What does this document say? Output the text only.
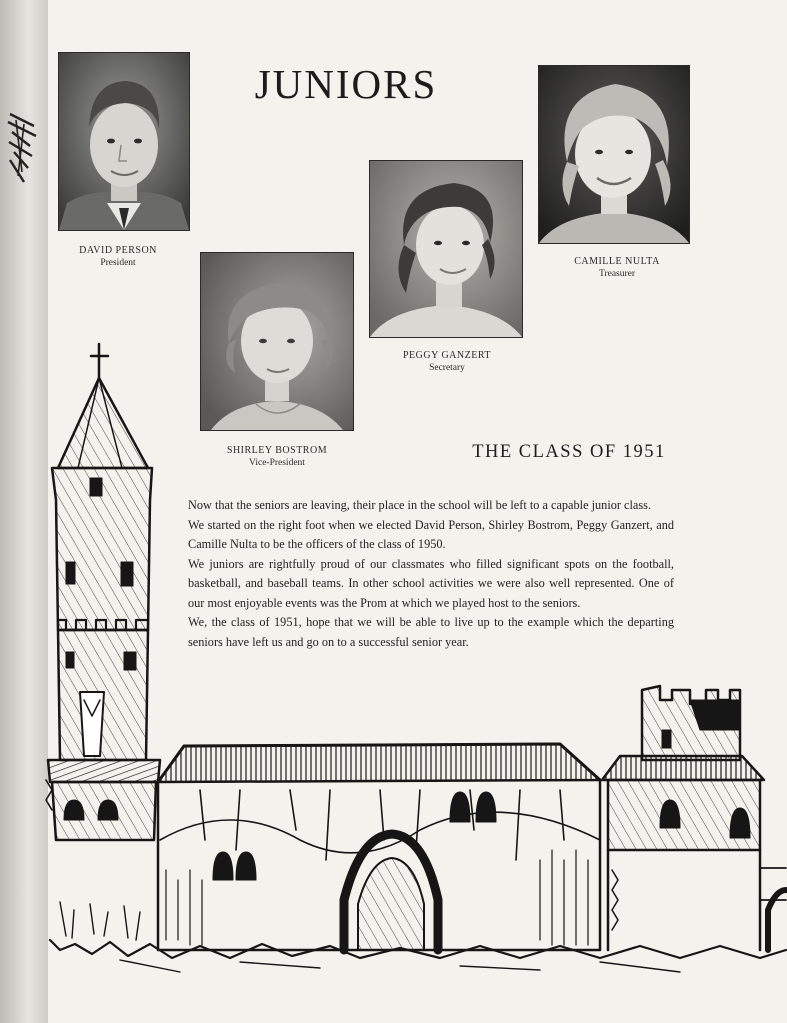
JUNIORS
DAVID PERSON
President
SHIRLEY BOSTROM
Vice-President
PEGGY GANZERT
Secretary
CAMILLE NULTA
Treasurer
THE CLASS OF 1951

Now that the seniors are leaving, their place in the school will be left to a capable junior class.

We started on the right foot when we elected David Person, Shirley Bostrom, Peggy Ganzert, and Camille Nulta to be the officers of the class of 1950.

We juniors are rightfully proud of our classmates who filled significant spots on the football, basketball, and baseball teams. In other school activities we were also well represented. One of our most enjoyable events was the Prom at which we played host to the seniors.

We, the class of 1951, hope that we will be able to live up to the example which the departing seniors have left us and go on to a successful senior year.
